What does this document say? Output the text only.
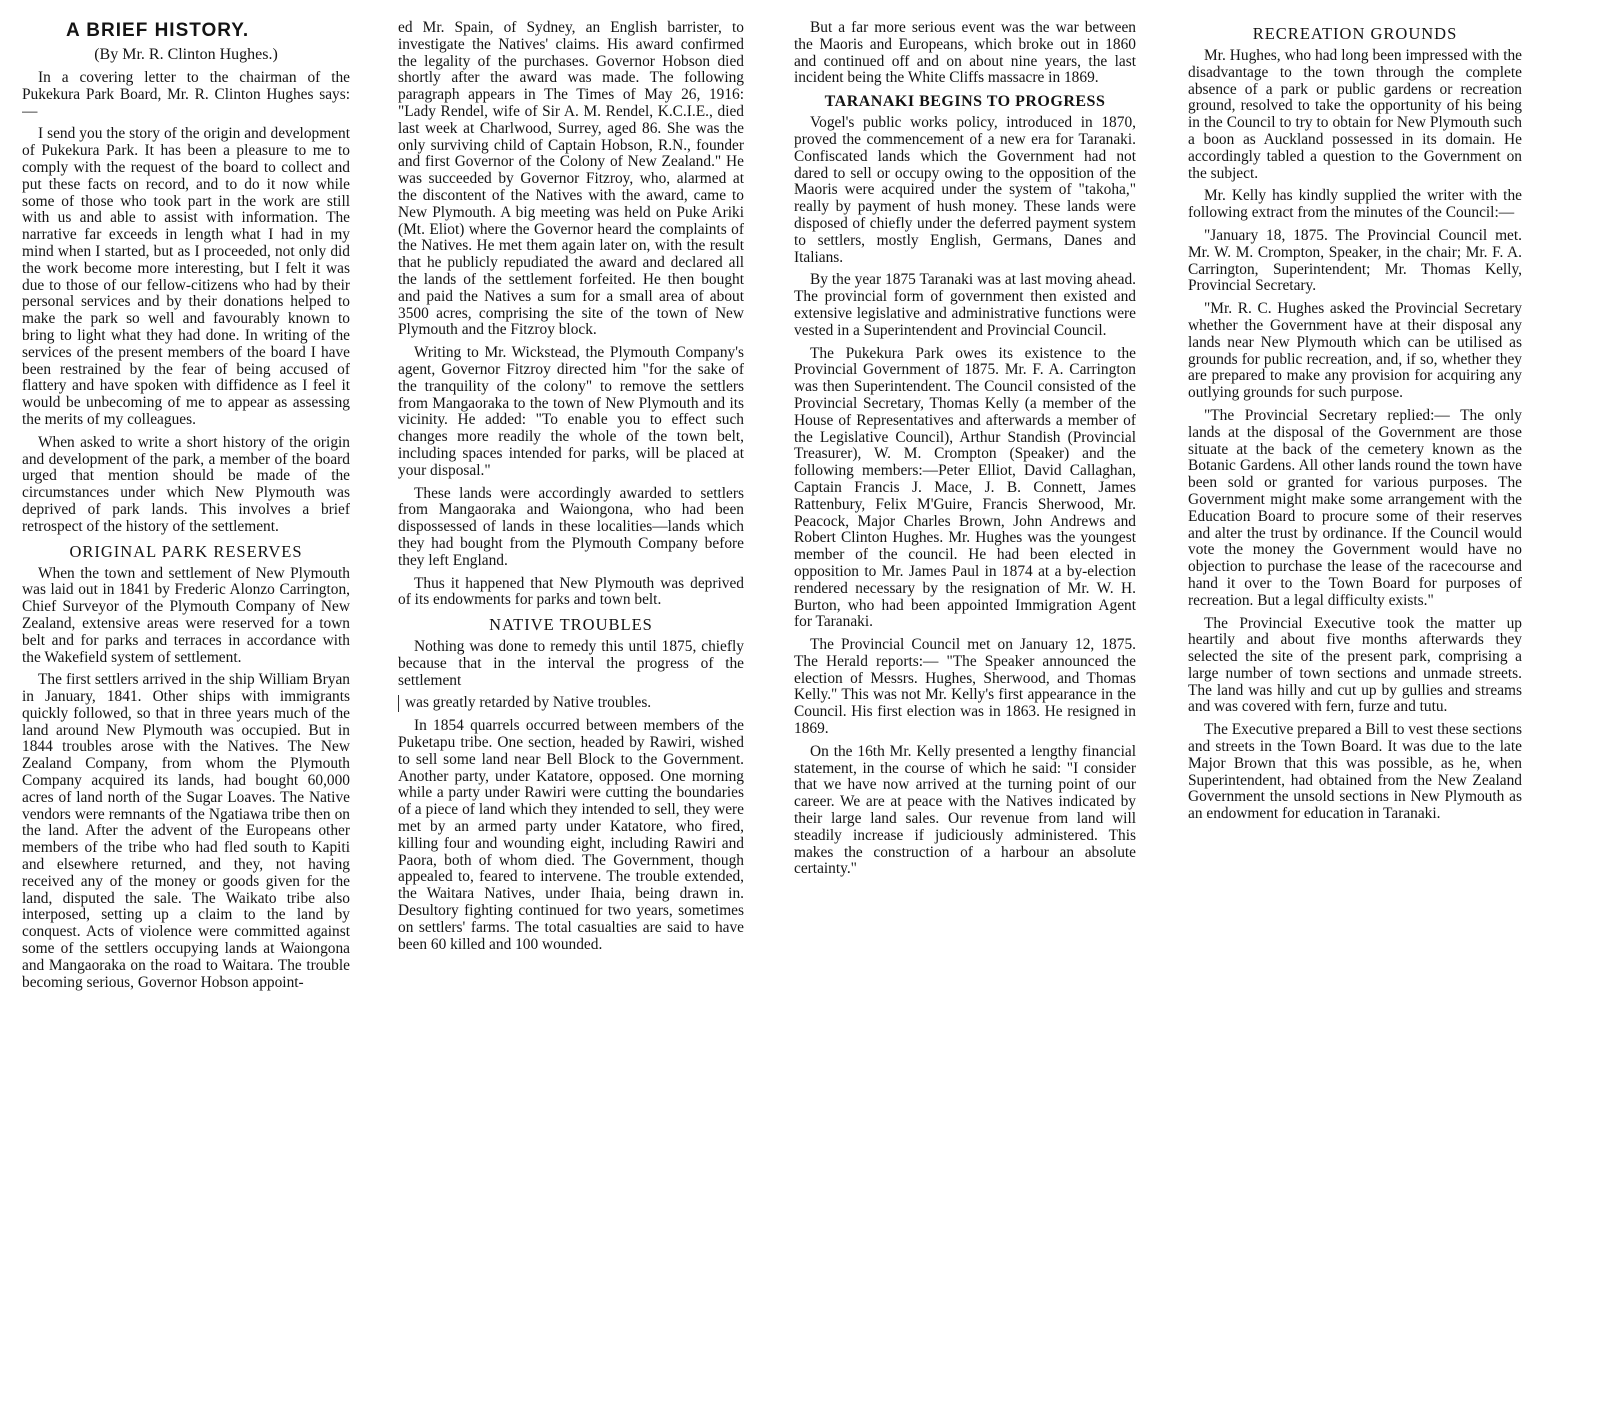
A BRIEF HISTORY.
(By Mr. R. Clinton Hughes.)

In a covering letter to the chairman of the Pukekura Park Board, Mr. R. Clinton Hughes says:—

I send you the story of the origin and development of Pukekura Park. It has been a pleasure to me to comply with the request of the board to collect and put these facts on record, and to do it now while some of those who took part in the work are still with us and able to assist with information. The narrative far exceeds in length what I had in my mind when I started, but as I proceeded, not only did the work become more interesting, but I felt it was due to those of our fellow-citizens who had by their personal services and by their donations helped to make the park so well and favourably known to bring to light what they had done. In writing of the services of the present members of the board I have been restrained by the fear of being accused of flattery and have spoken with diffidence as I feel it would be unbecoming of me to appear as assessing the merits of my colleagues.

When asked to write a short history of the origin and development of the park, a member of the board urged that mention should be made of the circumstances under which New Plymouth was deprived of park lands. This involves a brief retrospect of the history of the settlement.

ORIGINAL PARK RESERVES

When the town and settlement of New Plymouth was laid out in 1841 by Frederic Alonzo Carrington, Chief Surveyor of the Plymouth Company of New Zealand, extensive areas were reserved for a town belt and for parks and terraces in accordance with the Wakefield system of settlement.

The first settlers arrived in the ship William Bryan in January, 1841. Other ships with immigrants quickly followed, so that in three years much of the land around New Plymouth was occupied. But in 1844 troubles arose with the Natives. The New Zealand Company, from whom the Plymouth Company acquired its lands, had bought 60,000 acres of land north of the Sugar Loaves. The Native vendors were remnants of the Ngatiawa tribe then on the land. After the advent of the Europeans other members of the tribe who had fled south to Kapiti and elsewhere returned, and they, not having received any of the money or goods given for the land, disputed the sale. The Waikato tribe also interposed, setting up a claim to the land by conquest. Acts of violence were committed against some of the settlers occupying lands at Waiongona and Mangaoraka on the road to Waitara. The trouble becoming serious, Governor Hobson appoint-

ed Mr. Spain, of Sydney, an English barrister, to investigate the Natives' claims. His award confirmed the legality of the purchases. Governor Hobson died shortly after the award was made. The following paragraph appears in The Times of May 26, 1916: "Lady Rendel, wife of Sir A. M. Rendel, K.C.I.E., died last week at Charlwood, Surrey, aged 86. She was the only surviving child of Captain Hobson, R.N., founder and first Governor of the Colony of New Zealand." He was succeeded by Governor Fitzroy, who, alarmed at the discontent of the Natives with the award, came to New Plymouth. A big meeting was held on Puke Ariki (Mt. Eliot) where the Governor heard the complaints of the Natives. He met them again later on, with the result that he publicly repudiated the award and declared all the lands of the settlement forfeited. He then bought and paid the Natives a sum for a small area of about 3500 acres, comprising the site of the town of New Plymouth and the Fitzroy block.

Writing to Mr. Wickstead, the Plymouth Company's agent, Governor Fitzroy directed him "for the sake of the tranquility of the colony" to remove the settlers from Mangaoraka to the town of New Plymouth and its vicinity. He added: "To enable you to effect such changes more readily the whole of the town belt, including spaces intended for parks, will be placed at your disposal."

These lands were accordingly awarded to settlers from Mangaoraka and Waiongona, who had been dispossessed of lands in these localities—lands which they had bought from the Plymouth Company before they left England.

Thus it happened that New Plymouth was deprived of its endowments for parks and town belt.

NATIVE TROUBLES

Nothing was done to remedy this until 1875, chiefly because that in the interval the progress of the settlement

was greatly retarded by Native troubles.

In 1854 quarrels occurred between members of the Puketapu tribe. One section, headed by Rawiri, wished to sell some land near Bell Block to the Government. Another party, under Katatore, opposed. One morning while a party under Rawiri were cutting the boundaries of a piece of land which they intended to sell, they were met by an armed party under Katatore, who fired, killing four and wounding eight, including Rawiri and Paora, both of whom died. The Government, though appealed to, feared to intervene. The trouble extended, the Waitara Natives, under Ihaia, being drawn in. Desultory fighting continued for two years, sometimes on settlers' farms. The total casualties are said to have been 60 killed and 100 wounded.

But a far more serious event was the war between the Maoris and Europeans, which broke out in 1860 and continued off and on about nine years, the last incident being the White Cliffs massacre in 1869.

TARANAKI BEGINS TO PROGRESS

Vogel's public works policy, introduced in 1870, proved the commencement of a new era for Taranaki. Confiscated lands which the Government had not dared to sell or occupy owing to the opposition of the Maoris were acquired under the system of "takoha," really by payment of hush money. These lands were disposed of chiefly under the deferred payment system to settlers, mostly English, Germans, Danes and Italians.

By the year 1875 Taranaki was at last moving ahead. The provincial form of government then existed and extensive legislative and administrative functions were vested in a Superintendent and Provincial Council.

The Pukekura Park owes its existence to the Provincial Government of 1875. Mr. F. A. Carrington was then Superintendent. The Council consisted of the Provincial Secretary, Thomas Kelly (a member of the House of Representatives and afterwards a member of the Legislative Council), Arthur Standish (Provincial Treasurer), W. M. Crompton (Speaker) and the following members:—Peter Elliot, David Callaghan, Captain Francis J. Mace, J. B. Connett, James Rattenbury, Felix M'Guire, Francis Sherwood, Mr. Peacock, Major Charles Brown, John Andrews and Robert Clinton Hughes. Mr. Hughes was the youngest member of the council. He had been elected in opposition to Mr. James Paul in 1874 at a by-election rendered necessary by the resignation of Mr. W. H. Burton, who had been appointed Immigration Agent for Taranaki.

The Provincial Council met on January 12, 1875. The Herald reports:— "The Speaker announced the election of Messrs. Hughes, Sherwood, and Thomas Kelly." This was not Mr. Kelly's first appearance in the Council. His first election was in 1863. He resigned in 1869.

On the 16th Mr. Kelly presented a lengthy financial statement, in the course of which he said: "I consider that we have now arrived at the turning point of our career. We are at peace with the Natives indicated by their large land sales. Our revenue from land will steadily increase if judiciously administered. This makes the construction of a harbour an absolute certainty."

RECREATION GROUNDS

Mr. Hughes, who had long been impressed with the disadvantage to the town through the complete absence of a park or public gardens or recreation ground, resolved to take the opportunity of his being in the Council to try to obtain for New Plymouth such a boon as Auckland possessed in its domain. He accordingly tabled a question to the Government on the subject.

Mr. Kelly has kindly supplied the writer with the following extract from the minutes of the Council:—

"January 18, 1875. The Provincial Council met. Mr. W. M. Crompton, Speaker, in the chair; Mr. F. A. Carrington, Superintendent; Mr. Thomas Kelly, Provincial Secretary.

"Mr. R. C. Hughes asked the Provincial Secretary whether the Government have at their disposal any lands near New Plymouth which can be utilised as grounds for public recreation, and, if so, whether they are prepared to make any provision for acquiring any outlying grounds for such purpose.

"The Provincial Secretary replied:— The only lands at the disposal of the Government are those situate at the back of the cemetery known as the Botanic Gardens. All other lands round the town have been sold or granted for various purposes. The Government might make some arrangement with the Education Board to procure some of their reserves and alter the trust by ordinance. If the Council would vote the money the Government would have no objection to purchase the lease of the racecourse and hand it over to the Town Board for purposes of recreation. But a legal difficulty exists."

The Provincial Executive took the matter up heartily and about five months afterwards they selected the site of the present park, comprising a large number of town sections and unmade streets. The land was hilly and cut up by gullies and streams and was covered with fern, furze and tutu.

The Executive prepared a Bill to vest these sections and streets in the Town Board. It was due to the late Major Brown that this was possible, as he, when Superintendent, had obtained from the New Zealand Government the unsold sections in New Plymouth as an endowment for education in Taranaki.
